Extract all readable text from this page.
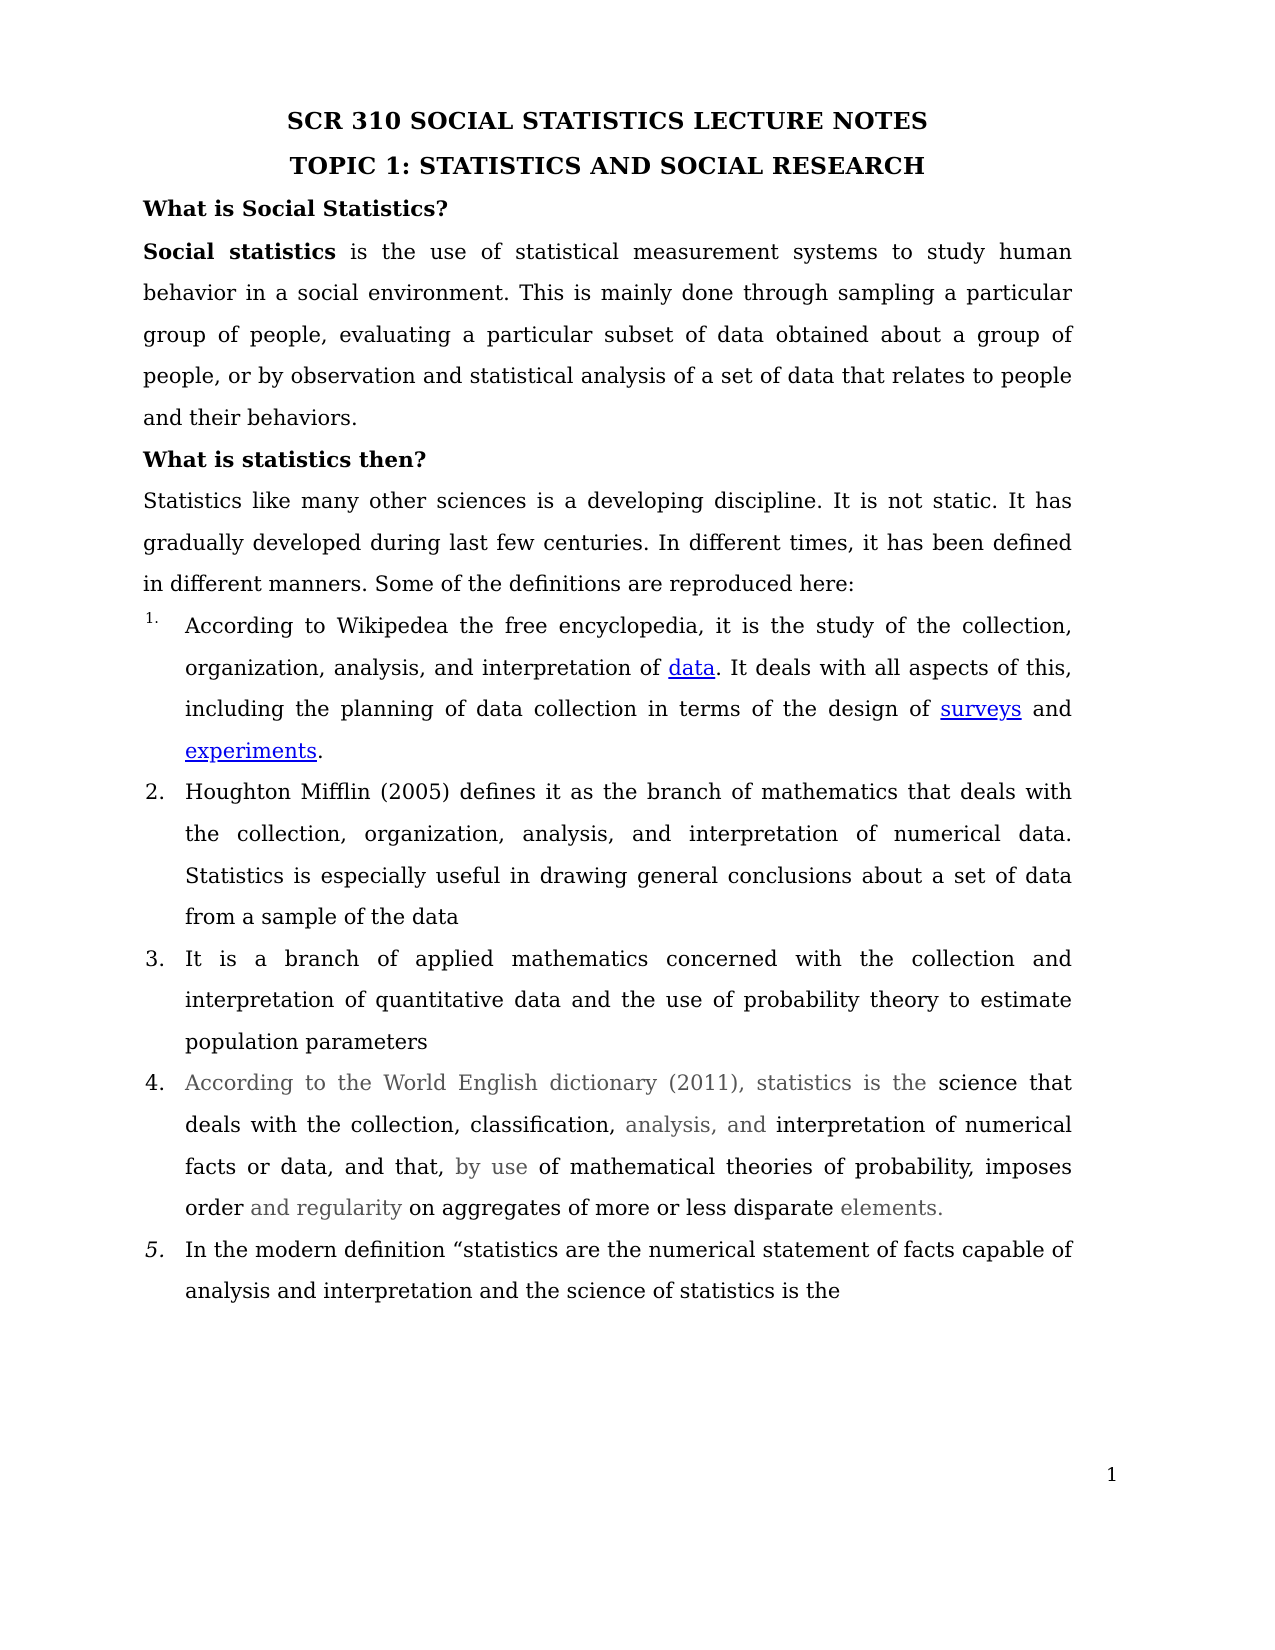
SCR 310 SOCIAL STATISTICS LECTURE NOTES
TOPIC 1: STATISTICS AND SOCIAL RESEARCH
What is Social Statistics?

Social statistics is the use of statistical measurement systems to study human behavior in a social environment. This is mainly done through sampling a particular group of people, evaluating a particular subset of data obtained about a group of people, or by observation and statistical analysis of a set of data that relates to people and their behaviors.

What is statistics then?

Statistics like many other sciences is a developing discipline. It is not static. It has gradually developed during last few centuries. In different times, it has been defined in different manners. Some of the definitions are reproduced here:

1. According to Wikipedea the free encyclopedia, it is the study of the collection, organization, analysis, and interpretation of data. It deals with all aspects of this, including the planning of data collection in terms of the design of surveys and experiments.
2. Houghton Mifflin (2005) defines it as the branch of mathematics that deals with the collection, organization, analysis, and interpretation of numerical data. Statistics is especially useful in drawing general conclusions about a set of data from a sample of the data
3. It is a branch of applied mathematics concerned with the collection and interpretation of quantitative data and the use of probability theory to estimate population parameters
4. According to the World English dictionary (2011), statistics is the science that deals with the collection, classification, analysis, and interpretation of numerical facts or data, and that, by use of mathematical theories of probability, imposes order and regularity on aggregates of more or less disparate elements.
5. In the modern definition “statistics are the numerical statement of facts capable of analysis and interpretation and the science of statistics is the
1
